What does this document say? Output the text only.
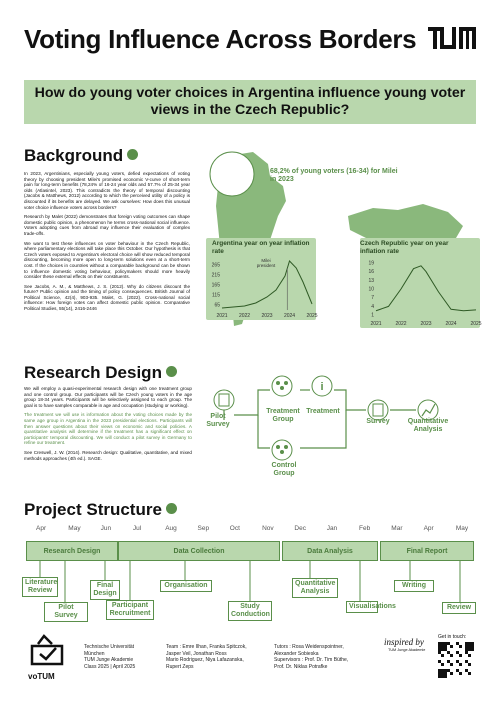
Voting Influence Across Borders
How do young voter choices in Argentina influence young voter views in the Czech Republic?
Background

In 2023, Argentinians, especially young voters, defied expectations of voting theory by choosing president Milei's promised economic V-curve of short-term pain for long-term benefits (78,24% of 16-24 year olds and 57.7% of 25-34 year olds (Atlasintel, 2023). This contradicts the theory of temporal discounting (Jacobs & Matthews, 2012) according to which the perceived utility of a policy is discounted if its benefits are delayed. We ask ourselves: How does this unusual voter choice influence voters across borders?

Research by Malet (2022) demonstrates that foreign voting outcomes can shape domestic public opinion, a phenomenon he terms cross-national social influence. Voters adopting cues from abroad may influence their evaluation of complex trade-offs.

We want to test these influences on voter behaviour in the Czech Republic, where parliamentary elections will take place this October. Our hypothesis is that Czech voters exposed to Argentina's electoral choice will show reduced temporal discounting, becoming more open to long-term solutions even at a short-term cost. If the choices in countries without a comparable background can be shown to influence domestic voting behaviour, policymakers should more heavily consider these external effects on their constituents.

See Jacobs, A. M., & Matthews, J. S. (2012). Why do citizens discount the future? Public opinion and the timing of policy consequences. British Journal of Political Science, 42(4), 903-935. Malet, G. (2022). Cross-national social influence: How foreign votes can affect domestic public opinion. Comparative Political Studies, 55(14), 2416-2446

68,2% of young voters (16-34) for Milei in 2023
65
115
165
215
265
2021 2022 2023 2024 2025	1
4
7
10
13
16
19
2021	2022	2023	2024	2025
Argentina year on year inflation rate
Czech Republic year on year inflation rate
Milei president
Research Design

We will employ a quasi-experimental research design with one treatment group and one control group. Our participants will be Czech young voters in the age group 18-34 years. Participants will be selectively assigned to each group. The goal is to have samples comparable in age and occupation (studying or working).

The treatment we will use is information about the voting choices made by the same age group in Argentina in the 2023 presidential elections. Participants will then answer questions about their views on economic and social policies. A quantitative analysis will determine if the treatment has a significant effect on participants' temporal discounting. We will conduct a pilot survey in Germany to refine our treatment.

See Creswell, J. W. (2014). Research design: Qualitative, quantitative, and mixed methods approaches (4th ed.). SAGE.

i
Pilot Survey
Treatment Group
Treatment
Control Group
Survey	Quantitative Analysis
Project Structure
Apr	May	Jun	Jul	Aug	Sep	Oct	Nov	Dec	Jan	Feb	Mar	Apr	May
Research Design	Data Collection	Data Analysis	Final Report
Literature Review
Pilot Survey
Final Design
Participant Recruitment
Organisation
Study Conduction
Quantitative Analysis
Visualisations
Writing
Review
voTUM
Technische Universität
München
TUM Junge Akademie
Class 2025 | April 2025
Team : Emre Ilhan, Franka Spitczok,
Jasper Veil, Jonathan Ross
Mario Rodriguez, Niya Lafazanska,
Rupert Zeps
Tutors : Rosa Weidenspointner,
Alexander Sobieska
Supervisors : Prof. Dr. Tim Büthe,
Prof. Dr. Niklas Potrafke
inspired by
TUM Junge Akademie
Get in touch:
